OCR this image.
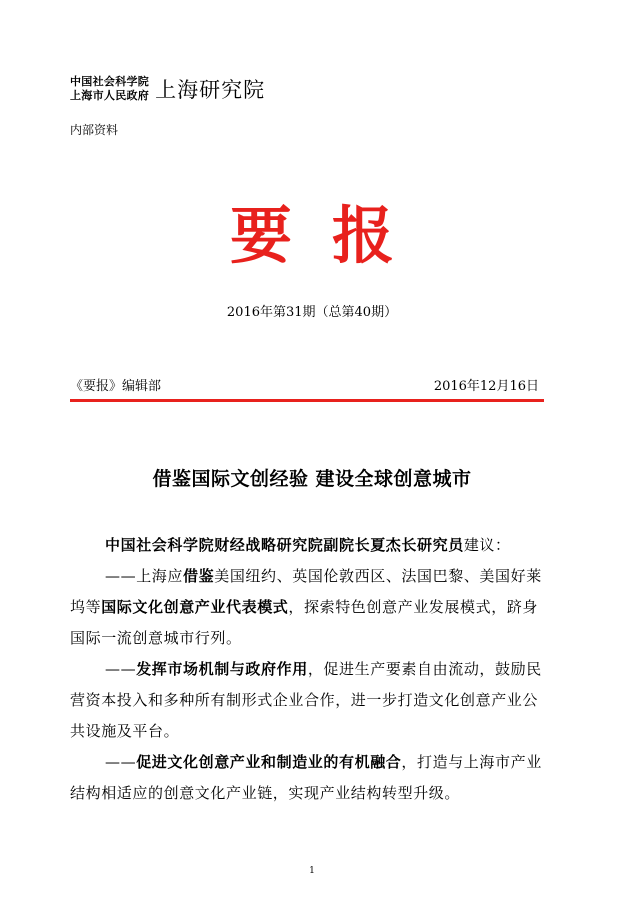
中国社会科学院
上海市人民政府 上海研究院
内部资料
要报
2016年第31期（总第40期）
《要报》编辑部	2016年12月16日
借鉴国际文创经验 建设全球创意城市

中国社会科学院财经战略研究院副院长夏杰长研究员建议：

——上海应借鉴美国纽约、英国伦敦西区、法国巴黎、美国好莱坞等国际文化创意产业代表模式，探索特色创意产业发展模式，跻身国际一流创意城市行列。

——发挥市场机制与政府作用，促进生产要素自由流动，鼓励民营资本投入和多种所有制形式企业合作，进一步打造文化创意产业公共设施及平台。

——促进文化创意产业和制造业的有机融合，打造与上海市产业结构相适应的创意文化产业链，实现产业结构转型升级。

1
